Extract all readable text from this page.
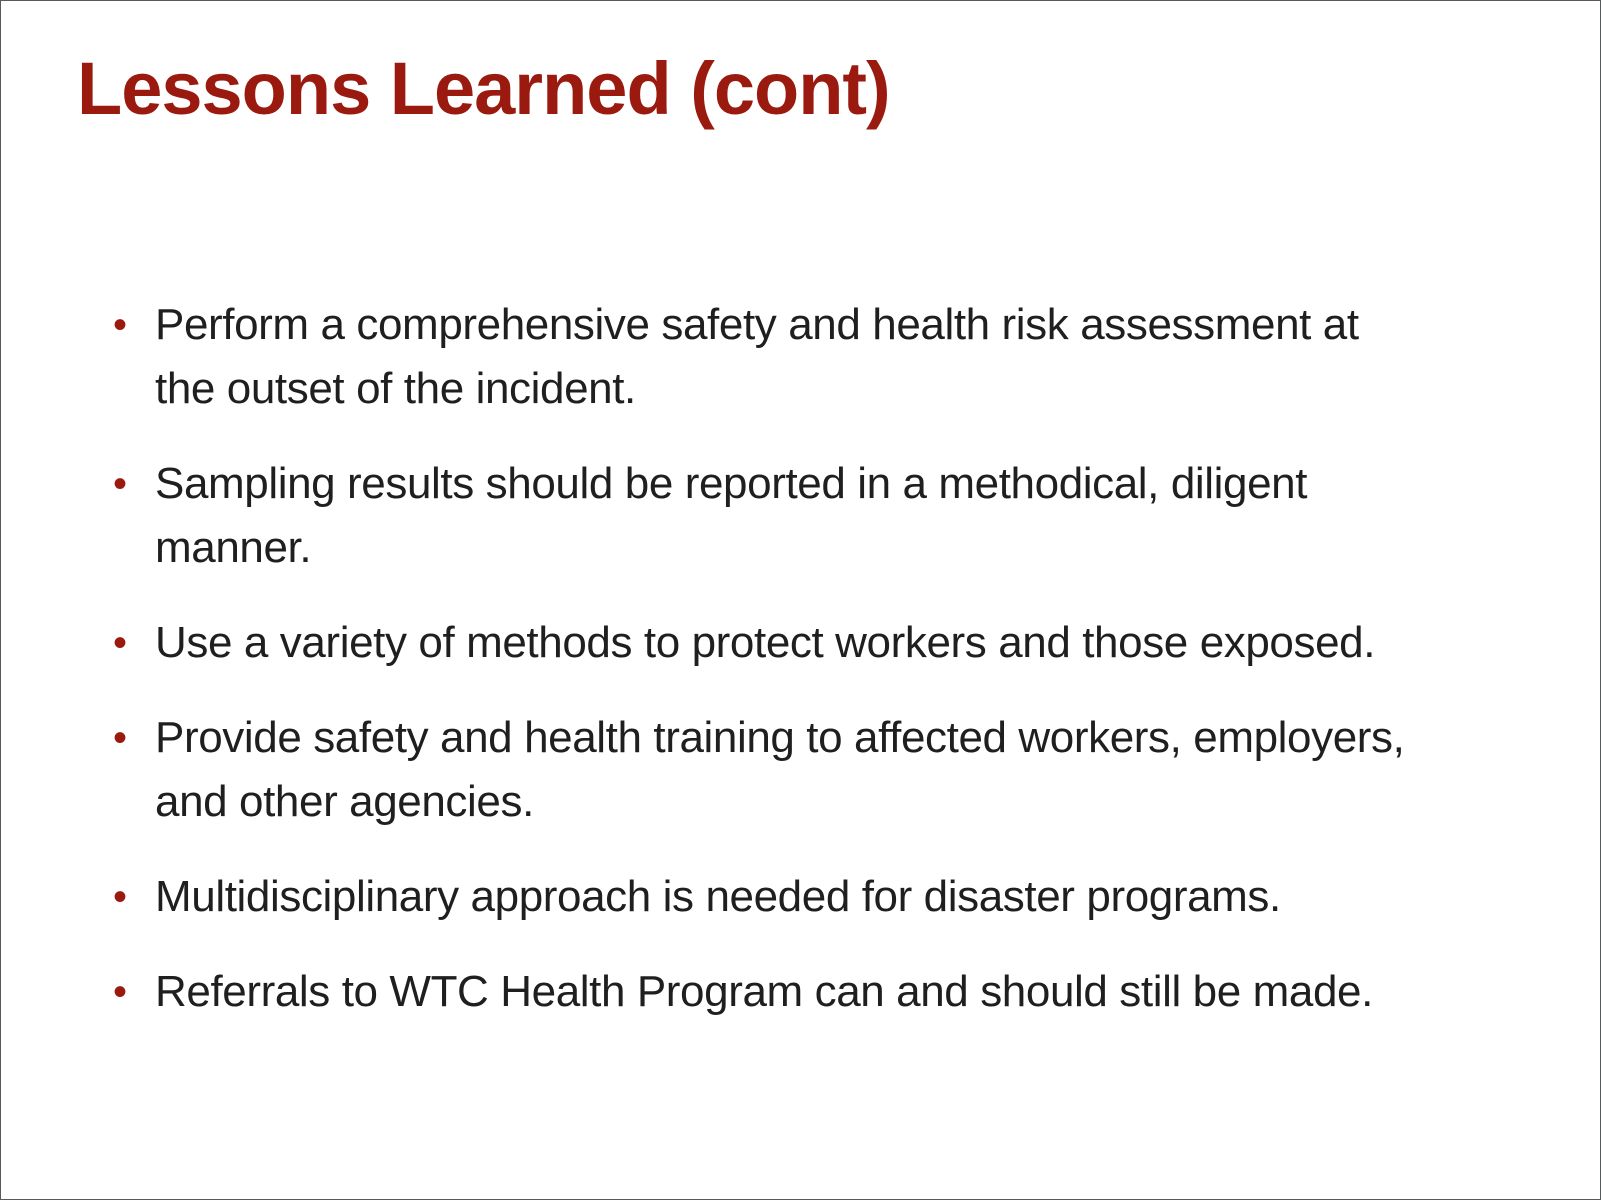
Lessons Learned (cont)
• Perform a comprehensive safety and health risk assessment at the outset of the incident.
• Sampling results should be reported in a methodical, diligent manner.
• Use a variety of methods to protect workers and those exposed.
• Provide safety and health training to affected workers, employers, and other agencies.
• Multidisciplinary approach is needed for disaster programs.
• Referrals to WTC Health Program can and should still be made.
